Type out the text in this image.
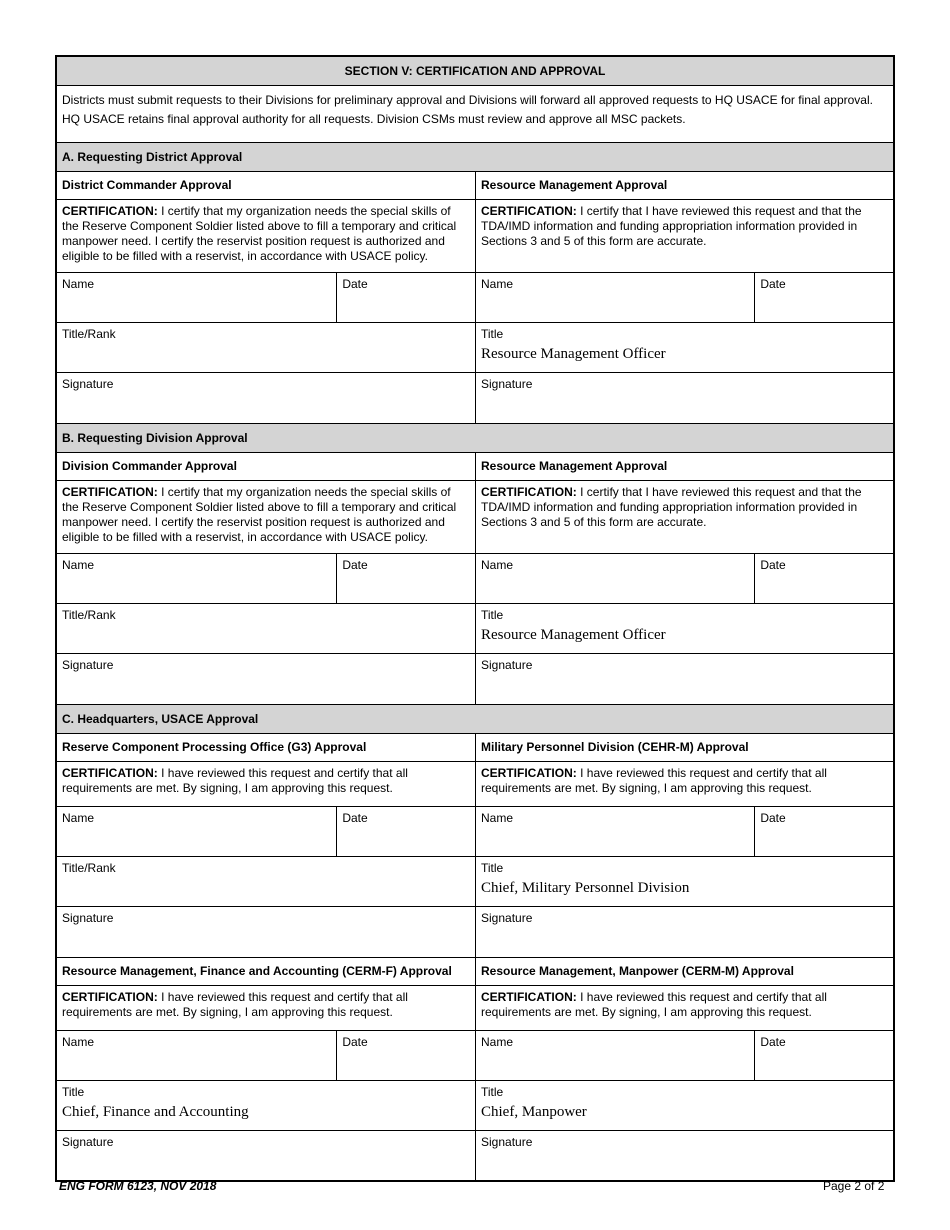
SECTION V: CERTIFICATION AND APPROVAL
Districts must submit requests to their Divisions for preliminary approval and Divisions will forward all approved requests to HQ USACE for final approval. HQ USACE retains final approval authority for all requests. Division CSMs must review and approve all MSC packets.
A. Requesting District Approval
District Commander Approval	Resource Management Approval
CERTIFICATION: I certify that my organization needs the special skills of the Reserve Component Soldier listed above to fill a temporary and critical manpower need. I certify the reservist position request is authorized and eligible to be filled with a reservist, in accordance with USACE policy.
CERTIFICATION: I certify that I have reviewed this request and that the TDA/IMD information and funding appropriation information provided in Sections 3 and 5 of this form are accurate.
Name	Date	Name	Date
Title/Rank	Title
Resource Management Officer
Signature	Signature
B. Requesting Division Approval
Division Commander Approval	Resource Management Approval
CERTIFICATION: I certify that my organization needs the special skills of the Reserve Component Soldier listed above to fill a temporary and critical manpower need. I certify the reservist position request is authorized and eligible to be filled with a reservist, in accordance with USACE policy.
CERTIFICATION: I certify that I have reviewed this request and that the TDA/IMD information and funding appropriation information provided in Sections 3 and 5 of this form are accurate.
Name	Date	Name	Date
Title/Rank	Title
Resource Management Officer
Signature	Signature
C. Headquarters, USACE Approval
Reserve Component Processing Office (G3) Approval	Military Personnel Division (CEHR-M) Approval
CERTIFICATION: I have reviewed this request and certify that all requirements are met. By signing, I am approving this request.
CERTIFICATION: I have reviewed this request and certify that all requirements are met. By signing, I am approving this request.
Name	Date	Name	Date
Title/Rank	Title
Chief, Military Personnel Division
Signature	Signature
Resource Management, Finance and Accounting (CERM-F) Approval	Resource Management, Manpower (CERM-M) Approval
CERTIFICATION: I have reviewed this request and certify that all requirements are met. By signing, I am approving this request.
CERTIFICATION: I have reviewed this request and certify that all requirements are met. By signing, I am approving this request.
Name	Date	Name	Date
Title
Chief, Finance and Accounting
Title
Chief, Manpower
Signature	Signature
ENG FORM 6123, NOV 2018	Page 2 of 2
